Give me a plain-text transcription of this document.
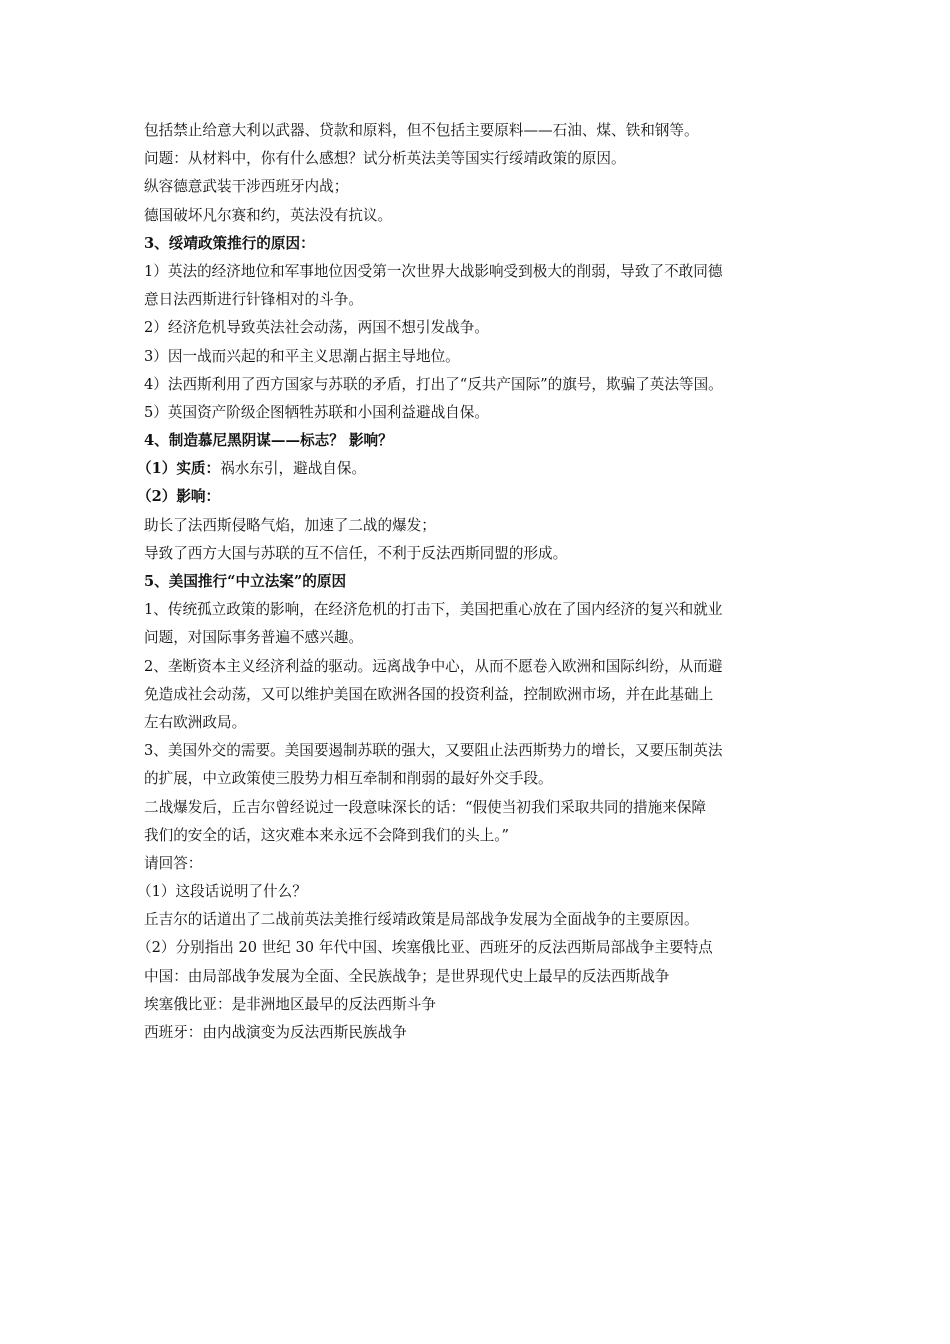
包括禁止给意大利以武器、贷款和原料，但不包括主要原料——石油、煤、铁和钢等。
问题：从材料中，你有什么感想？试分析英法美等国实行绥靖政策的原因。
纵容德意武装干涉西班牙内战；
德国破坏凡尔赛和约，英法没有抗议。
3、绥靖政策推行的原因：
1）英法的经济地位和军事地位因受第一次世界大战影响受到极大的削弱，导致了不敢同德
意日法西斯进行针锋相对的斗争。
2）经济危机导致英法社会动荡，两国不想引发战争。
3）因一战而兴起的和平主义思潮占据主导地位。
4）法西斯利用了西方国家与苏联的矛盾，打出了“反共产国际”的旗号，欺骗了英法等国。
5）英国资产阶级企图牺牲苏联和小国利益避战自保。
4、制造慕尼黑阴谋——标志？ 影响？
（1）实质：祸水东引，避战自保。
（2）影响：
助长了法西斯侵略气焰，加速了二战的爆发；
导致了西方大国与苏联的互不信任，不利于反法西斯同盟的形成。
5、美国推行“中立法案”的原因
1、传统孤立政策的影响，在经济危机的打击下，美国把重心放在了国内经济的复兴和就业
问题，对国际事务普遍不感兴趣。
2、垄断资本主义经济利益的驱动。远离战争中心，从而不愿卷入欧洲和国际纠纷，从而避
免造成社会动荡，又可以维护美国在欧洲各国的投资利益，控制欧洲市场，并在此基础上
左右欧洲政局。
3、美国外交的需要。美国要遏制苏联的强大，又要阻止法西斯势力的增长，又要压制英法
的扩展，中立政策使三股势力相互牵制和削弱的最好外交手段。
二战爆发后，丘吉尔曾经说过一段意味深长的话：“假使当初我们采取共同的措施来保障
我们的安全的话，这灾难本来永远不会降到我们的头上。”
请回答：
（1）这段话说明了什么？
丘吉尔的话道出了二战前英法美推行绥靖政策是局部战争发展为全面战争的主要原因。
（2）分别指出 20 世纪 30 年代中国、埃塞俄比亚、西班牙的反法西斯局部战争主要特点
中国：由局部战争发展为全面、全民族战争；是世界现代史上最早的反法西斯战争
埃塞俄比亚：是非洲地区最早的反法西斯斗争
西班牙：由内战演变为反法西斯民族战争
